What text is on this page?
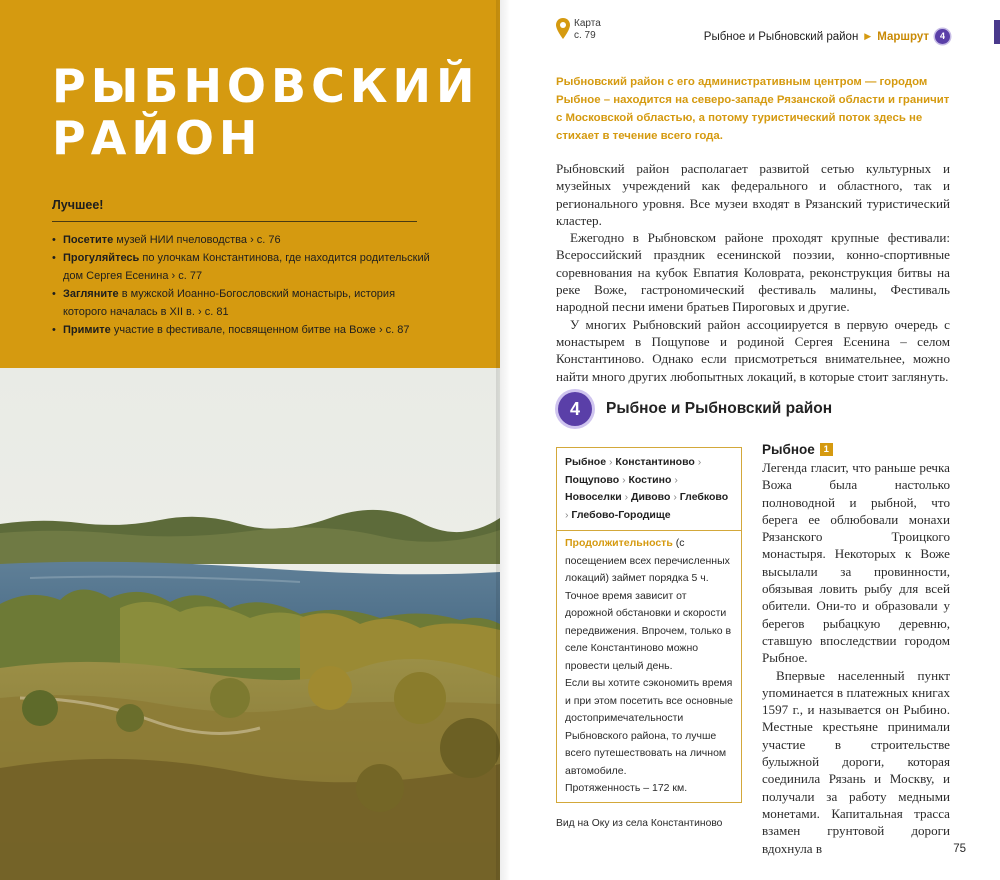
РЫБНОВСКИЙ
РАЙОН
Лучшее!
• Посетите музей НИИ пчеловодства › с. 76
• Прогуляйтесь по улочкам Константинова, где находится родительский дом Сергея Есенина › с. 77
• Загляните в мужской Иоанно-Богословский монастырь, история которого началась в XII в. › с. 81
• Примите участие в фестивале, посвященном битве на Воже › с. 87
Карта
с. 79	Рыбное и Рыбновский район ▶ Маршрут	4
Рыбновский район с его административным центром — городом Рыбное – находится на северо-западе Рязанской области и граничит с Московской областью, а потому туристический поток здесь не стихает в течение всего года.

Рыбновский район располагает развитой сетью культурных и музейных учреждений как федерального и областного, так и регионального уровня. Все музеи входят в Рязанский туристический кластер.

Ежегодно в Рыбновском районе проходят крупные фестивали: Всероссийский праздник есенинской поэзии, конно-спортивные соревнования на кубок Евпатия Коловрата, реконструкция битвы на реке Воже, гастрономический фестиваль малины, Фестиваль народной песни имени братьев Пироговых и другие.

У многих Рыбновский район ассоциируется в первую очередь с монастырем в Пощупове и родиной Сергея Есенина – селом Константиново. Однако если присмотреться внимательнее, можно найти много других любопытных локаций, в которые стоит заглянуть.

4	Рыбное и Рыбновский район
Рыбное › Константиново › Пощупово › Костино › Новоселки › Дивово › Глебково › Глебово-Городище
Продолжительность (с посещением всех перечисленных локаций) займет порядка 5 ч.
Точное время зависит от дорожной обстановки и скорости передвижения. Впрочем, только в селе Константиново можно провести целый день.
Если вы хотите сэкономить время и при этом посетить все основные достопримечательности Рыбновского района, то лучше всего путешествовать на личном автомобиле.
Протяженность – 172 км.
Вид на Оку из села Константиново
Рыбное 1

Легенда гласит, что раньше речка Вожа была настолько полноводной и рыбной, что берега ее облюбовали монахи Рязанского Троицкого монастыря. Некоторых к Воже высылали за провинности, обязывая ловить рыбу для всей обители. Они-то и образовали у берегов рыбацкую деревню, ставшую впоследствии городом Рыбное.

Впервые населенный пункт упоминается в платежных книгах 1597 г., и называется он Рыбино. Местные крестьяне принимали участие в строительстве булыжной дороги, которая соединила Рязань и Москву, и получали за работу медными монетами. Капитальная трасса взамен грунтовой дороги вдохнула в	75
